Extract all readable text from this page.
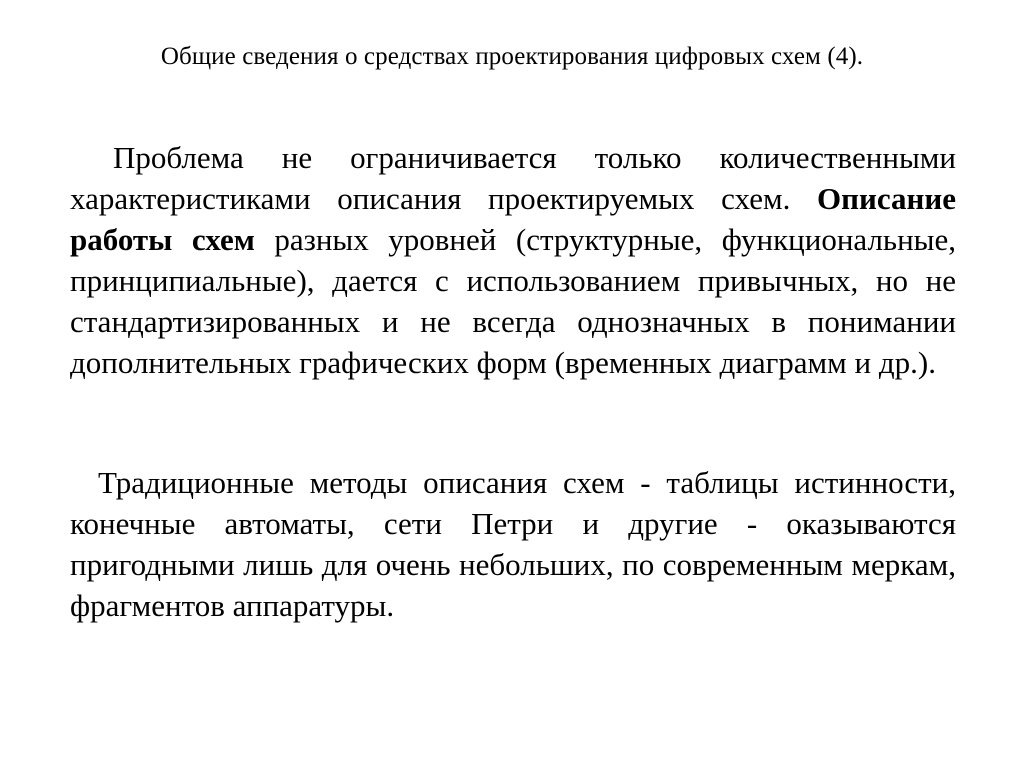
Общие сведения о средствах проектирования цифровых схем (4).

Проблема не ограничивается только количественными характеристиками описания проектируемых схем. Описание работы схем разных уровней (структурные, функциональные, принципиальные), дается с использованием привычных, но не стандартизированных и не всегда однозначных в понимании дополнительных графических форм (временных диаграмм и др.).

Традиционные методы описания схем - таблицы истинности, конечные автоматы, сети Петри и другие - оказываются пригодными лишь для очень небольших, по современным меркам, фрагментов аппаратуры.
